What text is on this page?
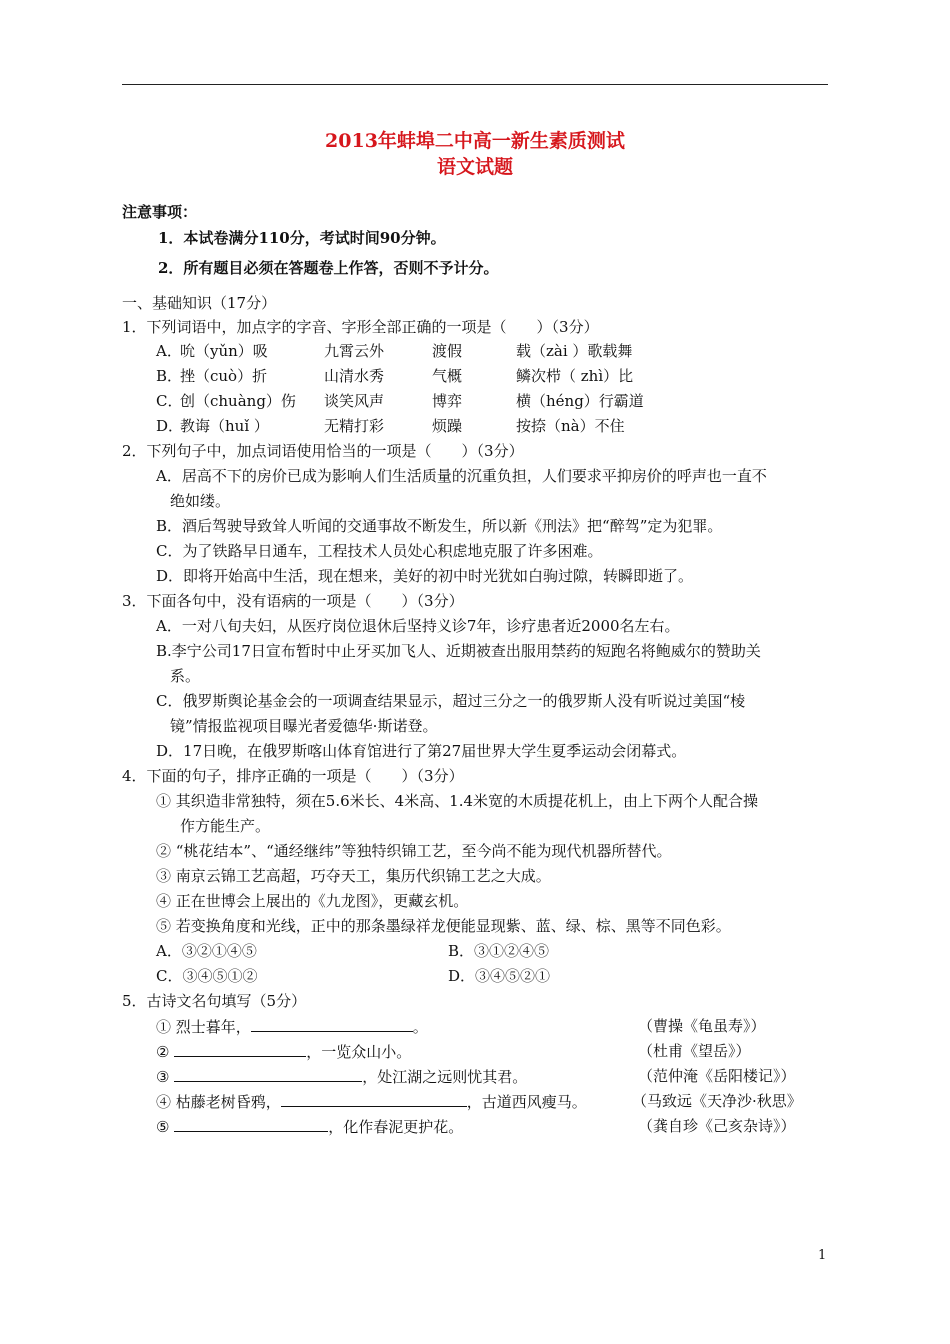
2013年蚌埠二中高一新生素质测试
语文试题
注意事项：
1．本试卷满分110分，考试时间90分钟。
2．所有题目必须在答题卷上作答，否则不予计分。
一、基础知识（17分）
1．下列词语中，加点字的字音、字形全部正确的一项是（　　）（3分）
A．吮（yǔn）吸	九霄云外	渡假	载（zài ）歌载舞
B．挫（cuò）折	山清水秀	气概	鳞次栉（ zhì）比
C．创（chuàng）伤 谈笑风声	博弈	横（héng）行霸道
D．教诲（huǐ ）	无精打彩	烦躁	按捺（nà）不住
2．下列句子中，加点词语使用恰当的一项是（　　）（3分）
A．居高不下的房价已成为影响人们生活质量的沉重负担，人们要求平抑房价的呼声也一直不
绝如缕。
B．酒后驾驶导致耸人听闻的交通事故不断发生，所以新《刑法》把“醉驾”定为犯罪。
C．为了铁路早日通车，工程技术人员处心积虑地克服了许多困难。
D．即将开始高中生活，现在想来，美好的初中时光犹如白驹过隙，转瞬即逝了。
3．下面各句中，没有语病的一项是（　　）（3分）
A．一对八旬夫妇，从医疗岗位退休后坚持义诊7年，诊疗患者近2000名左右。
B.李宁公司17日宣布暂时中止牙买加飞人、近期被查出服用禁药的短跑名将鲍威尔的赞助关
系。
C．俄罗斯舆论基金会的一项调查结果显示，超过三分之一的俄罗斯人没有听说过美国“棱
镜”情报监视项目曝光者爱德华·斯诺登。
D．17日晚，在俄罗斯喀山体育馆进行了第27届世界大学生夏季运动会闭幕式。
4．下面的句子，排序正确的一项是（　　）（3分）
① 其织造非常独特，须在5.6米长、4米高、1.4米宽的木质提花机上，由上下两个人配合操
作方能生产。
② “桃花结本”、“通经继纬”等独特织锦工艺，至今尚不能为现代机器所替代。
③ 南京云锦工艺高超，巧夺天工，集历代织锦工艺之大成。
④ 正在世博会上展出的《九龙图》，更藏玄机。
⑤ 若变换角度和光线，正中的那条墨绿祥龙便能显现紫、蓝、绿、棕、黑等不同色彩。
A．③②①④⑤	B．③①②④⑤
C．③④⑤①②	D．③④⑤②①
5．古诗文名句填写（5分）
① 烈士暮年，	。	（曹操《龟虽寿》）
②	，一览众山小。	（杜甫《望岳》）
③	，处江湖之远则忧其君。	（范仲淹《岳阳楼记》）
④ 枯藤老树昏鸦，	，古道西风瘦马。	（马致远《天净沙·秋思》
⑤	，化作春泥更护花。	（龚自珍《己亥杂诗》）
1
